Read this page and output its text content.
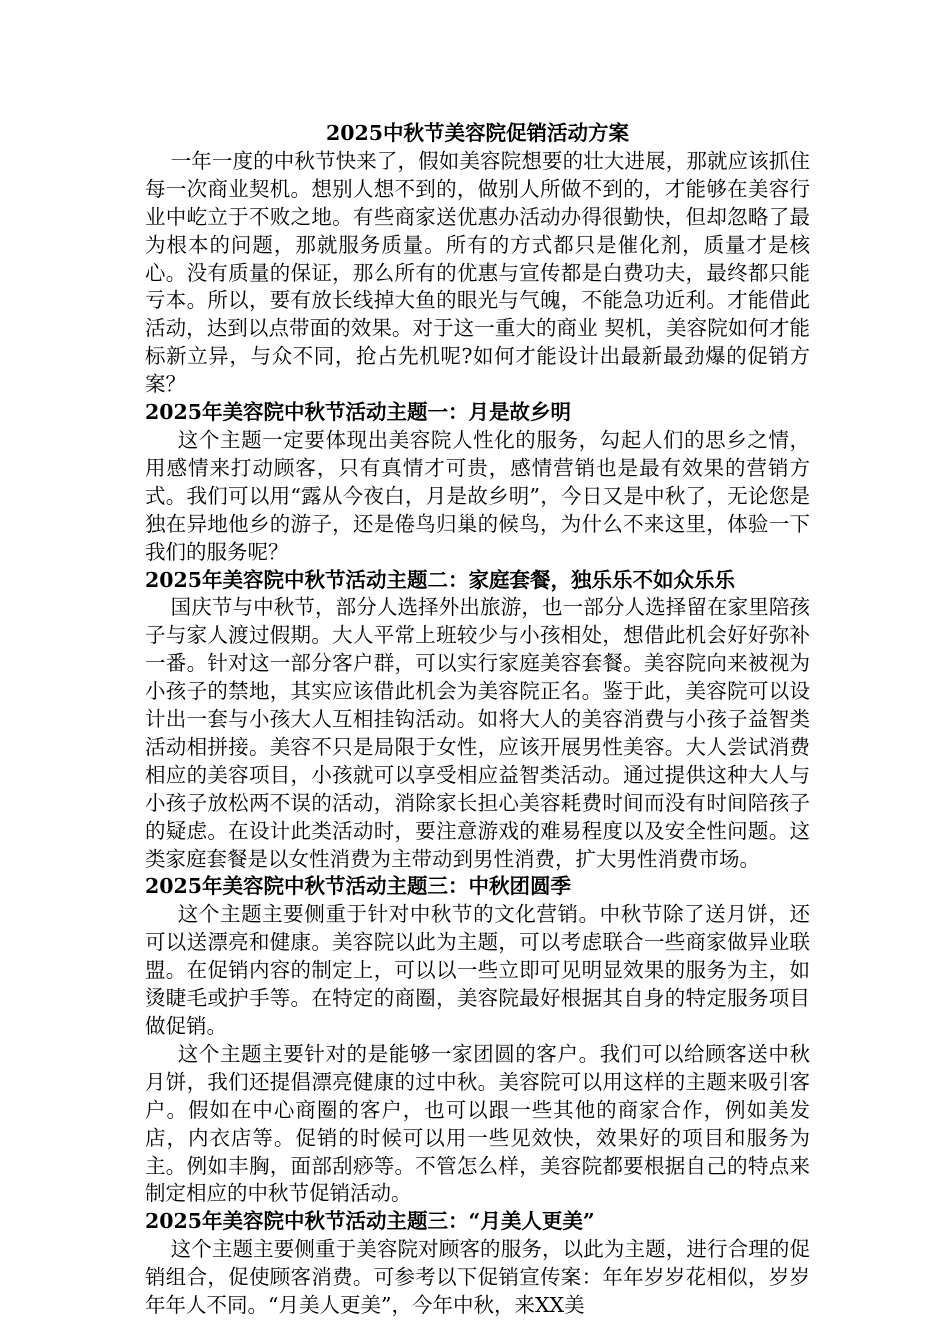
2025中秋节美容院促销活动方案

一年一度的中秋节快来了，假如美容院想要的壮大进展，那就应该抓住每一次商业契机。想别人想不到的，做别人所做不到的，才能够在美容行业中屹立于不败之地。有些商家送优惠办活动办得很勤快，但却忽略了最为根本的问题，那就服务质量。所有的方式都只是催化剂，质量才是核心。没有质量的保证，那么所有的优惠与宣传都是白费功夫，最终都只能亏本。所以，要有放长线掉大鱼的眼光与气魄，不能急功近利。才能借此活动，达到以点带面的效果。对于这一重大的商业 契机，美容院如何才能标新立异，与众不同，抢占先机呢?如何才能设计出最新最劲爆的促销方案？

2025年美容院中秋节活动主题一：月是故乡明

这个主题一定要体现出美容院人性化的服务，勾起人们的思乡之情，用感情来打动顾客，只有真情才可贵，感情营销也是最有效果的营销方式。我们可以用“露从今夜白，月是故乡明”，今日又是中秋了，无论您是独在异地他乡的游子，还是倦鸟归巢的候鸟，为什么不来这里，体验一下我们的服务呢？

2025年美容院中秋节活动主题二：家庭套餐，独乐乐不如众乐乐

国庆节与中秋节，部分人选择外出旅游，也一部分人选择留在家里陪孩子与家人渡过假期。大人平常上班较少与小孩相处，想借此机会好好弥补一番。针对这一部分客户群，可以实行家庭美容套餐。美容院向来被视为小孩子的禁地，其实应该借此机会为美容院正名。鉴于此，美容院可以设计出一套与小孩大人互相挂钩活动。如将大人的美容消费与小孩子益智类活动相拼接。美容不只是局限于女性，应该开展男性美容。大人尝试消费相应的美容项目，小孩就可以享受相应益智类活动。通过提供这种大人与小孩子放松两不误的活动，消除家长担心美容耗费时间而没有时间陪孩子的疑虑。在设计此类活动时，要注意游戏的难易程度以及安全性问题。这类家庭套餐是以女性消费为主带动到男性消费，扩大男性消费市场。

2025年美容院中秋节活动主题三：中秋团圆季

这个主题主要侧重于针对中秋节的文化营销。中秋节除了送月饼，还可以送漂亮和健康。美容院以此为主题，可以考虑联合一些商家做异业联盟。在促销内容的制定上，可以以一些立即可见明显效果的服务为主，如烫睫毛或护手等。在特定的商圈，美容院最好根据其自身的特定服务项目做促销。

这个主题主要针对的是能够一家团圆的客户。我们可以给顾客送中秋月饼，我们还提倡漂亮健康的过中秋。美容院可以用这样的主题来吸引客户。假如在中心商圈的客户，也可以跟一些其他的商家合作，例如美发店，内衣店等。促销的时候可以用一些见效快，效果好的项目和服务为主。例如丰胸，面部刮痧等。不管怎么样，美容院都要根据自己的特点来制定相应的中秋节促销活动。

2025年美容院中秋节活动主题三：“月美人更美”

这个主题主要侧重于美容院对顾客的服务，以此为主题，进行合理的促销组合，促使顾客消费。可参考以下促销宣传案：年年岁岁花相似，岁岁年年人不同。“月美人更美”，今年中秋，来XX美
